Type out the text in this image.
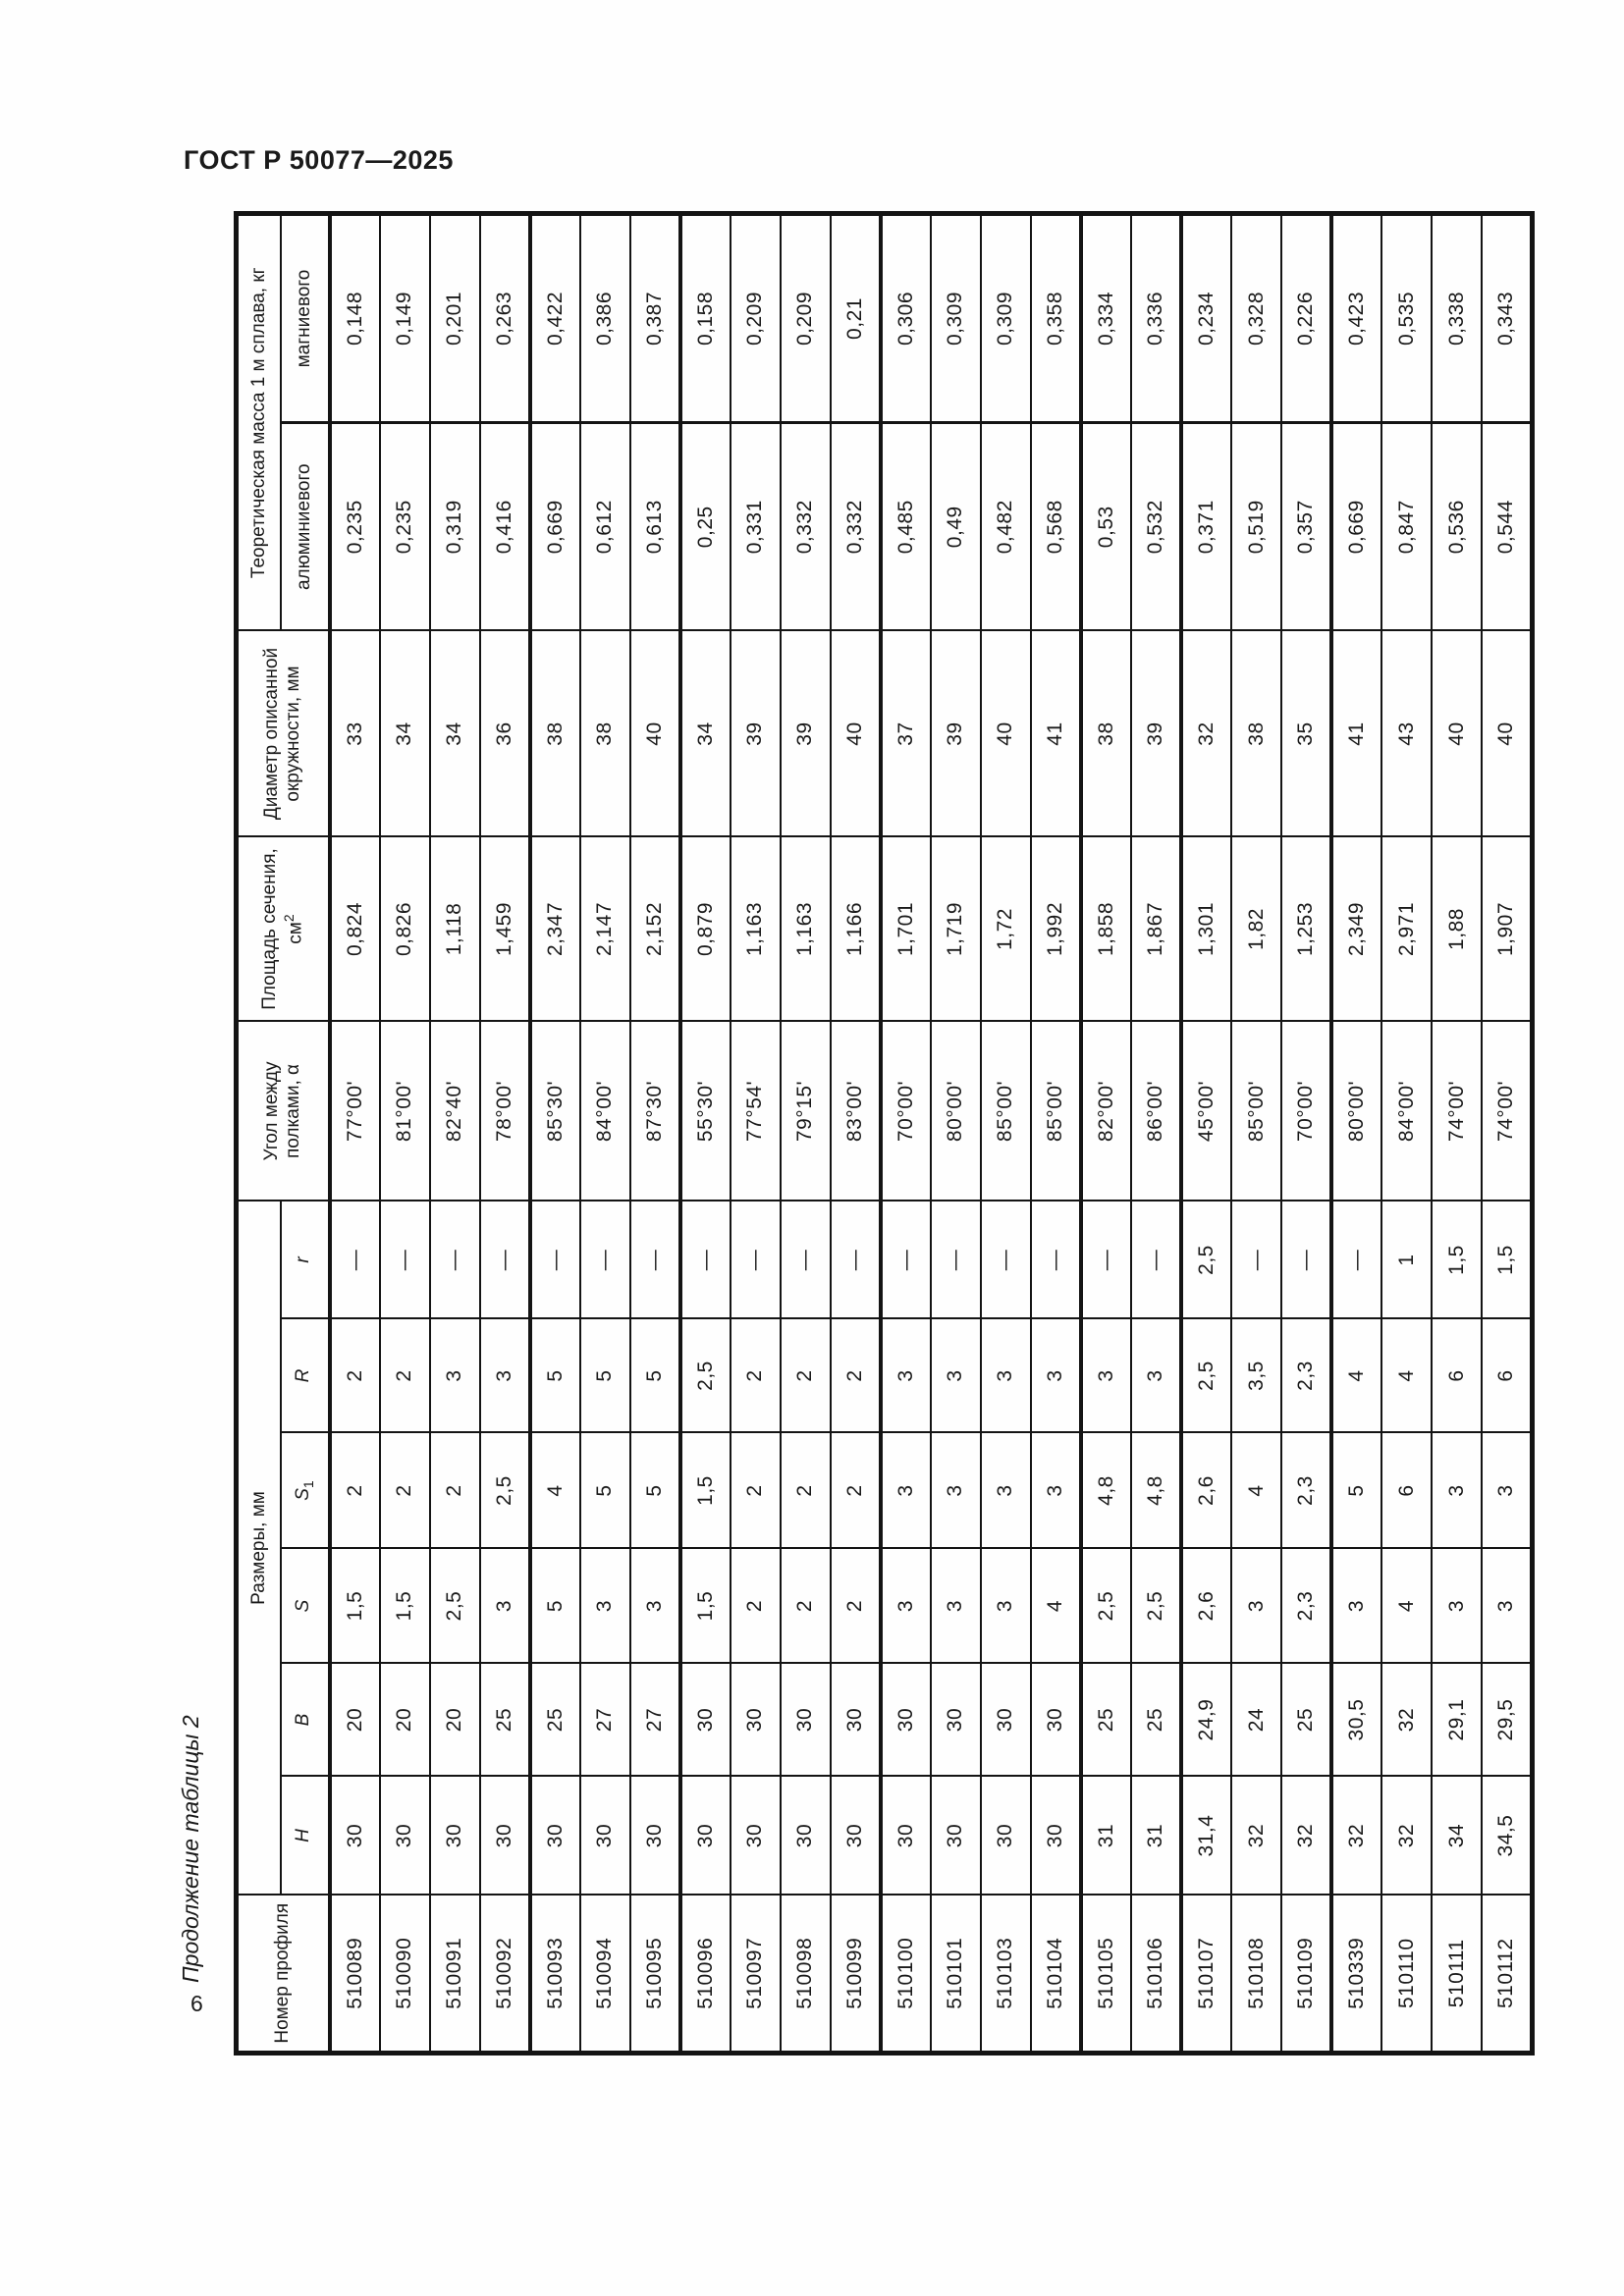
ГОСТ Р 50077—2025
Продолжение таблицы 2
6	Номер профиля	Размеры, мм						Угол между полками, α	Площадь сечения, $см^2$	Диаметр описанной окружности, мм	Теоретическая масса 1 м сплава, кг	
	H	B	S	$S_1$	R	r				алюминиевого	магниевого
510089	30	20	1,5	2	2	—	77°00'	0,824	33	0,235	0,148
510090	30	20	1,5	2	2	—	81°00'	0,826	34	0,235	0,149
510091	30	20	2,5	2	3	—	82°40'	1,118	34	0,319	0,201
510092	30	25	3	2,5	3	—	78°00'	1,459	36	0,416	0,263
510093	30	25	5	4	5	—	85°30'	2,347	38	0,669	0,422
510094	30	27	3	5	5	—	84°00'	2,147	38	0,612	0,386
510095	30	27	3	5	5	—	87°30'	2,152	40	0,613	0,387
510096	30	30	1,5	1,5	2,5	—	55°30'	0,879	34	0,25	0,158
510097	30	30	2	2	2	—	77°54'	1,163	39	0,331	0,209
510098	30	30	2	2	2	—	79°15'	1,163	39	0,332	0,209
510099	30	30	2	2	2	—	83°00'	1,166	40	0,332	0,21
510100	30	30	3	3	3	—	70°00'	1,701	37	0,485	0,306
510101	30	30	3	3	3	—	80°00'	1,719	39	0,49	0,309
510103	30	30	3	3	3	—	85°00'	1,72	40	0,482	0,309
510104	30	30	4	3	3	—	85°00'	1,992	41	0,568	0,358
510105	31	25	2,5	4,8	3	—	82°00'	1,858	38	0,53	0,334
510106	31	25	2,5	4,8	3	—	86°00'	1,867	39	0,532	0,336
510107	31,4	24,9	2,6	2,6	2,5	2,5	45°00'	1,301	32	0,371	0,234
510108	32	24	3	4	3,5	—	85°00'	1,82	38	0,519	0,328
510109	32	25	2,3	2,3	2,3	—	70°00'	1,253	35	0,357	0,226
510339	32	30,5	3	5	4	—	80°00'	2,349	41	0,669	0,423
510110	32	32	4	6	4	1	84°00'	2,971	43	0,847	0,535
510111	34	29,1	3	3	6	1,5	74°00'	1,88	40	0,536	0,338
510112	34,5	29,5	3	3	6	1,5	74°00'	1,907	40	0,544	0,343
